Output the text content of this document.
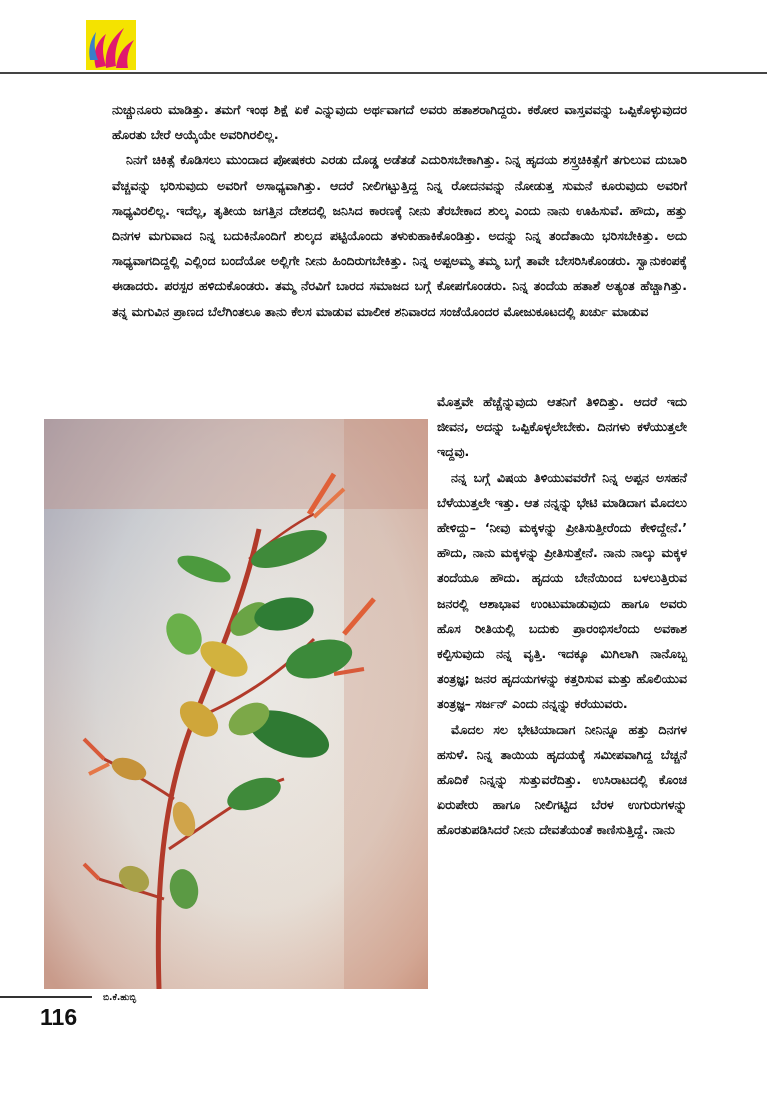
ನುಚ್ಚುನೂರು ಮಾಡಿತ್ತು. ತಮಗೆ ಇಂಥ ಶಿಕ್ಷೆ ಏಕೆ ಎನ್ನುವುದು ಅರ್ಥವಾಗದೆ ಅವರು ಹತಾಶರಾಗಿದ್ದರು. ಕಠೋರ ವಾಸ್ತವವನ್ನು ಒಪ್ಪಿಕೊಳ್ಳುವುದರ ಹೊರತು ಬೇರೆ ಆಯ್ಕೆಯೇ ಅವರಿಗಿರಲಿಲ್ಲ.

ನಿನಗೆ ಚಿಕಿತ್ಸೆ ಕೊಡಿಸಲು ಮುಂದಾದ ಪೋಷಕರು ಎರಡು ದೊಡ್ಡ ಅಡೆತಡೆ ಎದುರಿಸಬೇಕಾಗಿತ್ತು. ನಿನ್ನ ಹೃದಯ ಶಸ್ತ್ರಚಿಕಿತ್ಸೆಗೆ ತಗುಲುವ ದುಬಾರಿ ವೆಚ್ಚವನ್ನು ಭರಿಸುವುದು ಅವರಿಗೆ ಅಸಾಧ್ಯವಾಗಿತ್ತು. ಆದರೆ ನೀಲಿಗಟ್ಟುತ್ತಿದ್ದ ನಿನ್ನ ರೋದನವನ್ನು ನೋಡುತ್ತ ಸುಮನೆ ಕೂರುವುದು ಅವರಿಗೆ ಸಾಧ್ಯವಿರಲಿಲ್ಲ. ಇದೆಲ್ಲ, ತೃತೀಯ ಜಗತ್ತಿನ ದೇಶದಲ್ಲಿ ಜನಿಸಿದ ಕಾರಣಕ್ಕೆ ನೀನು ತೆರಬೇಕಾದ ಶುಲ್ಕ ಎಂದು ನಾನು ಊಹಿಸುವೆ. ಹೌದು, ಹತ್ತು ದಿನಗಳ ಮಗುವಾದ ನಿನ್ನ ಬದುಕಿನೊಂದಿಗೆ ಶುಲ್ಕದ ಪಟ್ಟಿಯೊಂದು ತಳುಕುಹಾಕಿಕೊಂಡಿತ್ತು. ಅದನ್ನು ನಿನ್ನ ತಂದೆತಾಯಿ ಭರಿಸಬೇಕಿತ್ತು. ಅದು ಸಾಧ್ಯವಾಗದಿದ್ದಲ್ಲಿ ಎಲ್ಲಿಂದ ಬಂದೆಯೋ ಅಲ್ಲಿಗೇ ನೀನು ಹಿಂದಿರುಗಬೇಕಿತ್ತು. ನಿನ್ನ ಅಪ್ಪಅಮ್ಮ ತಮ್ಮ ಬಗ್ಗೆ ತಾವೇ ಬೇಸರಿಸಿಕೊಂಡರು. ಸ್ವಾನುಕಂಪಕ್ಕೆ ಈಡಾದರು. ಪರಸ್ಪರ ಹಳಿದುಕೊಂಡರು. ತಮ್ಮ ನೆರವಿಗೆ ಬಾರದ ಸಮಾಜದ ಬಗ್ಗೆ ಕೋಪಗೊಂಡರು. ನಿನ್ನ ತಂದೆಯ ಹತಾಶೆ ಅತ್ಯಂತ ಹೆಚ್ಚಾಗಿತ್ತು. ತನ್ನ ಮಗುವಿನ ಪ್ರಾಣದ ಬೆಲೆಗಿಂತಲೂ ತಾನು ಕೆಲಸ ಮಾಡುವ ಮಾಲೀಕ ಶನಿವಾರದ ಸಂಜೆಯೊಂದರ ಮೋಜುಕೂಟದಲ್ಲಿ ಖರ್ಚು ಮಾಡುವ

ಬಿ.ಕೆ.ಹುಬ್ಳಿ

ಮೊತ್ತವೇ ಹೆಚ್ಚೆನ್ನುವುದು ಆತನಿಗೆ ತಿಳಿದಿತ್ತು. ಆದರೆ ಇದು ಜೀವನ, ಅದನ್ನು ಒಪ್ಪಿಕೊಳ್ಳಲೇಬೇಕು. ದಿನಗಳು ಕಳೆಯುತ್ತಲೇ ಇದ್ದವು.

ನನ್ನ ಬಗ್ಗೆ ವಿಷಯ ತಿಳಿಯುವವರೆಗೆ ನಿನ್ನ ಅಪ್ಪನ ಅಸಹನೆ ಬೆಳೆಯುತ್ತಲೇ ಇತ್ತು. ಆತ ನನ್ನನ್ನು ಭೇಟಿ ಮಾಡಿದಾಗ ಮೊದಲು ಹೇಳಿದ್ದು– ‘ನೀವು ಮಕ್ಕಳನ್ನು ಪ್ರೀತಿಸುತ್ತೀರೆಂದು ಕೇಳಿದ್ದೇನೆ.’ ಹೌದು, ನಾನು ಮಕ್ಕಳನ್ನು ಪ್ರೀತಿಸುತ್ತೇನೆ. ನಾನು ನಾಲ್ಕು ಮಕ್ಕಳ ತಂದೆಯೂ ಹೌದು. ಹೃದಯ ಬೇನೆಯಿಂದ ಬಳಲುತ್ತಿರುವ ಜನರಲ್ಲಿ ಆಶಾಭಾವ ಉಂಟುಮಾಡುವುದು ಹಾಗೂ ಅವರು ಹೊಸ ರೀತಿಯಲ್ಲಿ ಬದುಕು ಪ್ರಾರಂಭಿಸಲೆಂದು ಅವಕಾಶ ಕಲ್ಪಿಸುವುದು ನನ್ನ ವೃತ್ತಿ. ಇದಕ್ಕೂ ಮಿಗಿಲಾಗಿ ನಾನೊಬ್ಬ ತಂತ್ರಜ್ಞ; ಜನರ ಹೃದಯಗಳನ್ನು ಕತ್ತರಿಸುವ ಮತ್ತು ಹೊಲಿಯುವ ತಂತ್ರಜ್ಞ– ಸರ್ಜನ್ ಎಂದು ನನ್ನನ್ನು ಕರೆಯುವರು.

ಮೊದಲ ಸಲ ಭೇಟಿಯಾದಾಗ ನೀನಿನ್ನೂ ಹತ್ತು ದಿನಗಳ ಹಸುಳೆ. ನಿನ್ನ ತಾಯಿಯ ಹೃದಯಕ್ಕೆ ಸಮೀಪವಾಗಿದ್ದ ಬೆಚ್ಚನೆ ಹೊದಿಕೆ ನಿನ್ನನ್ನು ಸುತ್ತುವರೆದಿತ್ತು. ಉಸಿರಾಟದಲ್ಲಿ ಕೊಂಚ ಏರುಪೇರು ಹಾಗೂ ನೀಲಿಗಟ್ಟಿದ ಬೆರಳ ಉಗುರುಗಳನ್ನು ಹೊರತುಪಡಿಸಿದರೆ ನೀನು ದೇವತೆಯಂತೆ ಕಾಣಿಸುತ್ತಿದ್ದೆ. ನಾನು

116
